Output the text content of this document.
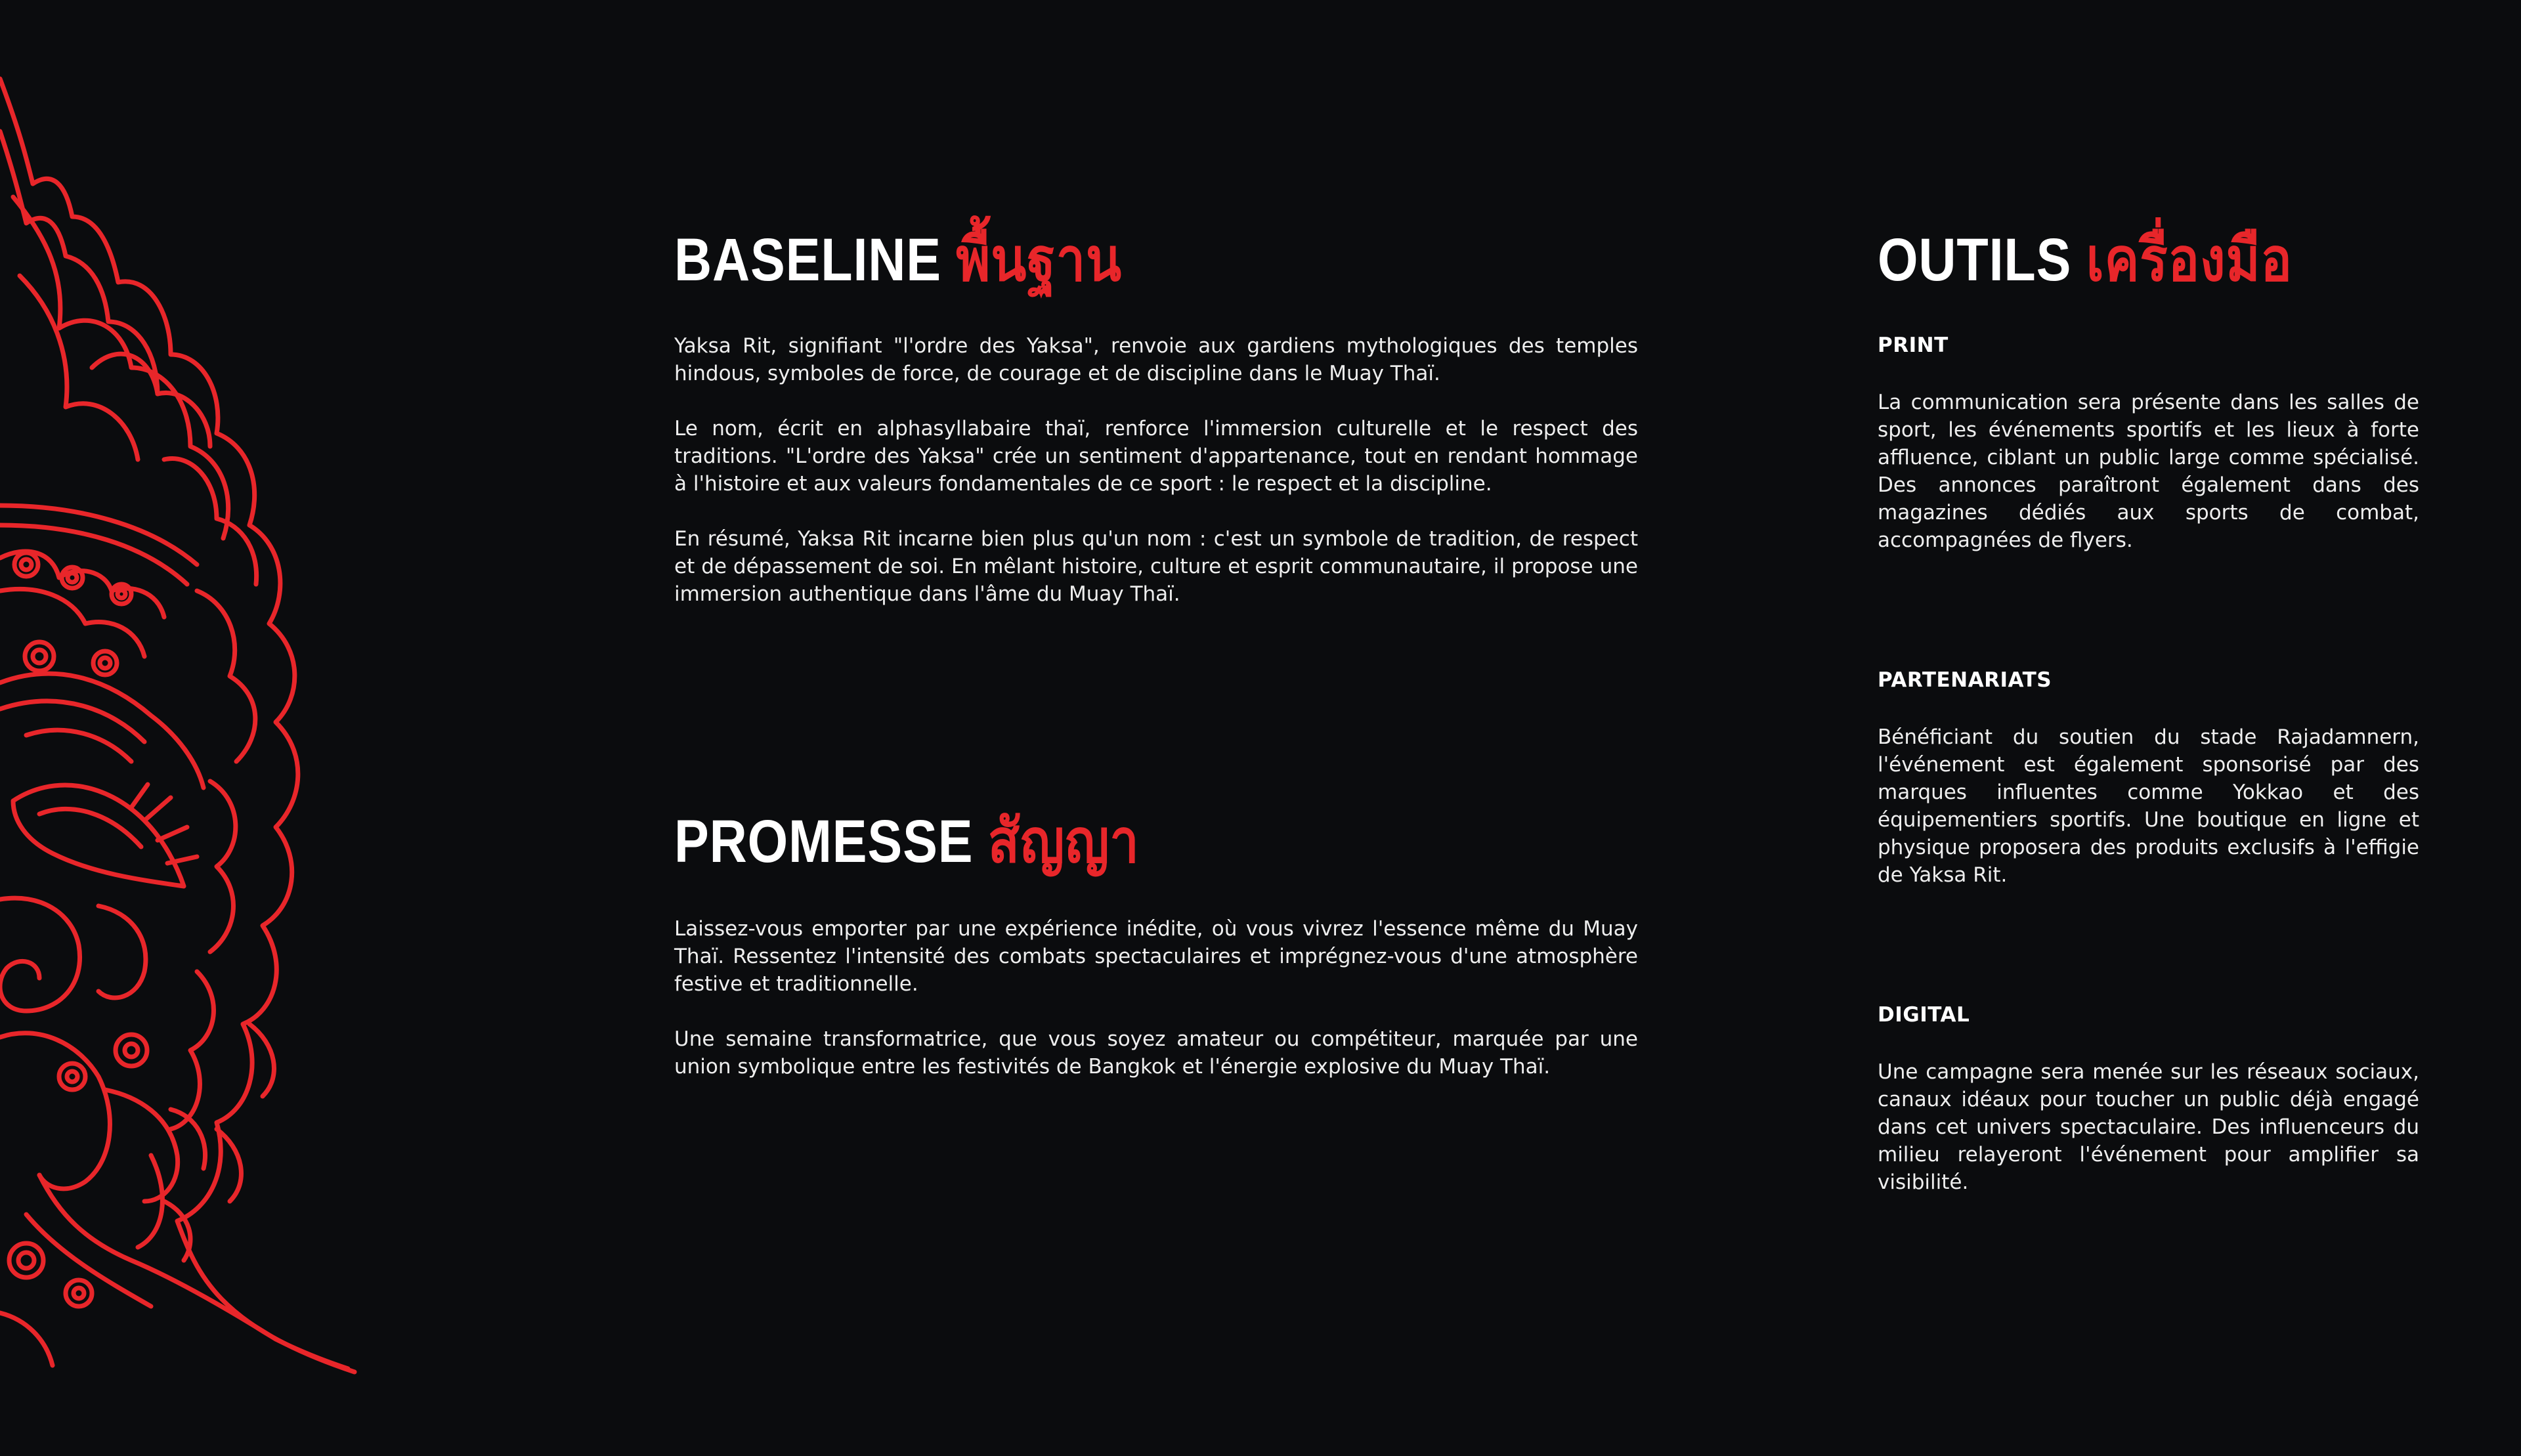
BASELINE พื้นฐาน

Yaksa Rit, signifiant "l'ordre des Yaksa", renvoie aux gardiens mythologiques des temples hindous, symboles de force, de courage et de discipline dans le Muay Thaï.

Le nom, écrit en alphasyllabaire thaï, renforce l'immersion culturelle et le respect des traditions. "L'ordre des Yaksa" crée un sentiment d'appartenance, tout en rendant hommage à l'histoire et aux valeurs fondamentales de ce sport : le respect et la discipline.

En résumé, Yaksa Rit incarne bien plus qu'un nom : c'est un symbole de tradition, de respect et de dépassement de soi. En mêlant histoire, culture et esprit communautaire, il propose une immersion authentique dans l'âme du Muay Thaï.

PROMESSE สัญญา

Laissez-vous emporter par une expérience inédite, où vous vivrez l'essence même du Muay Thaï. Ressentez l'intensité des combats spectaculaires et imprégnez-vous d'une atmosphère festive et traditionnelle.

Une semaine transformatrice, que vous soyez amateur ou compétiteur, marquée par une union symbolique entre les festivités de Bangkok et l'énergie explosive du Muay Thaï.

OUTILS เครื่องมือ
PRINT

La communication sera présente dans les salles de sport, les événements sportifs et les lieux à forte affluence, ciblant un public large comme spécialisé. Des annonces paraîtront également dans des magazines dédiés aux sports de combat, accompagnées de flyers.

PARTENARIATS

Bénéficiant du soutien du stade Rajadamnern, l'événement est également sponsorisé par des marques influentes comme Yokkao et des équipementiers sportifs. Une boutique en ligne et physique proposera des produits exclusifs à l'effigie de Yaksa Rit.

DIGITAL

Une campagne sera menée sur les réseaux sociaux, canaux idéaux pour toucher un public déjà engagé dans cet univers spectaculaire. Des influenceurs du milieu relayeront l'événement pour amplifier sa visibilité.
